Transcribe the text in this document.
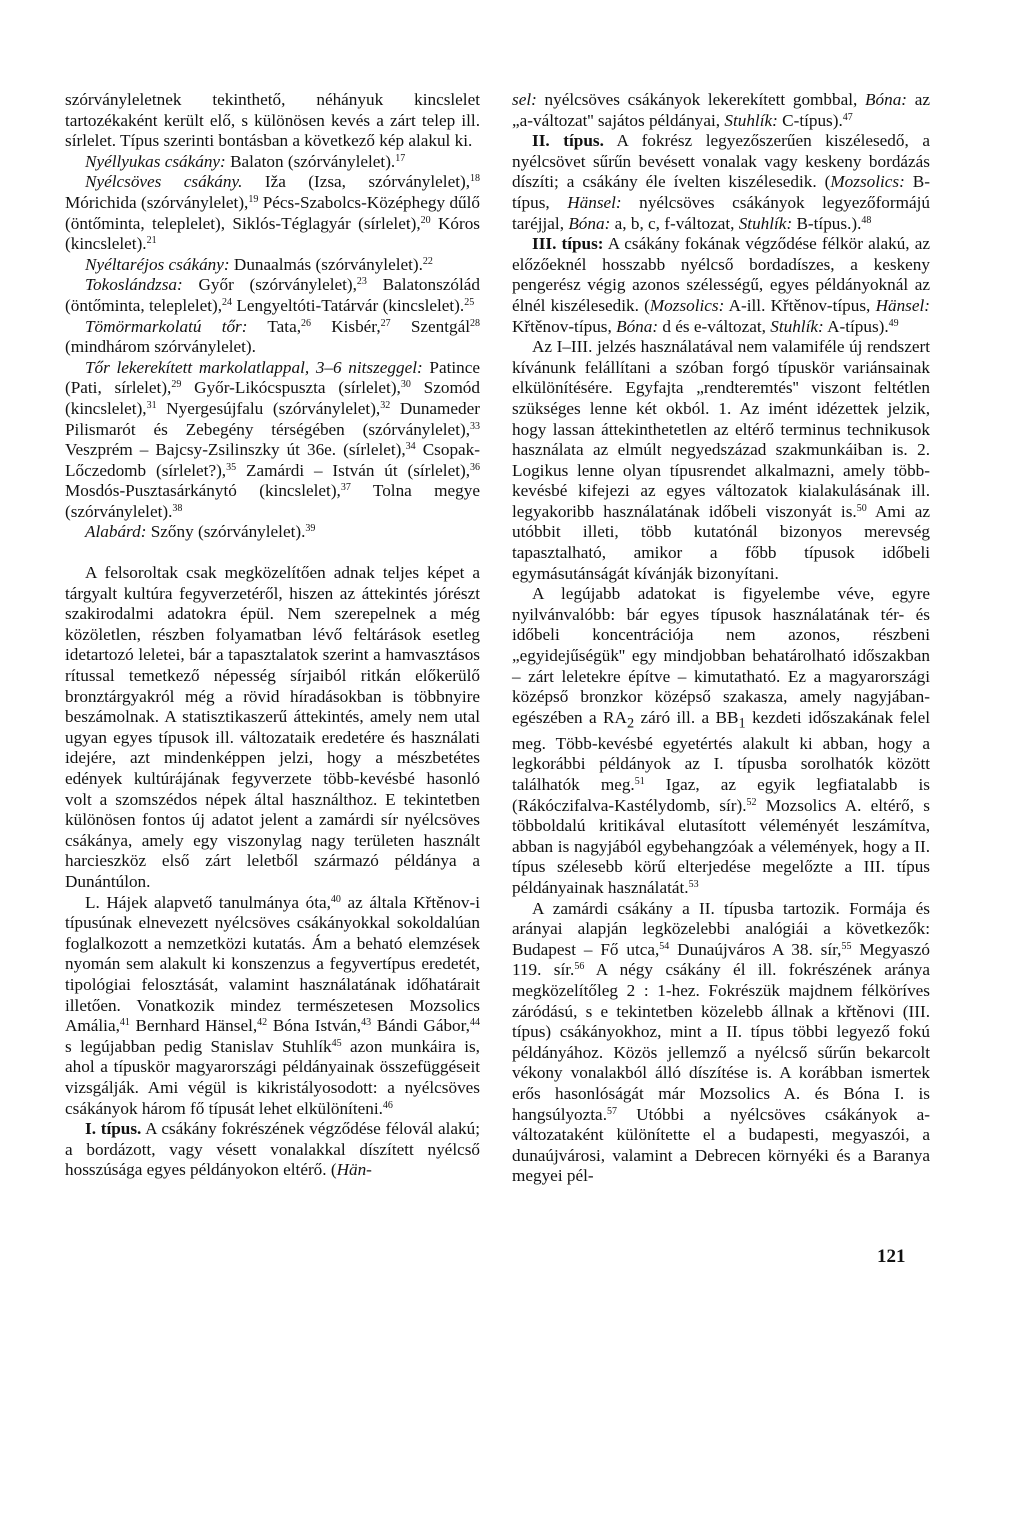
szórványleletnek tekinthető, néhányuk kincslelet tartozékaként került elő, s különösen kevés a zárt telep ill. sírlelet. Típus szerinti bontásban a következő kép alakul ki.

Nyéllyukas csákány: Balaton (szórványlelet).$^{17}$

Nyélcsöves csákány. Iža (Izsa, szórványlelet),$^{18}$ Mórichida (szórványlelet),$^{19}$ Pécs-Szabolcs-Középhegy dűlő (öntőminta, teleplelet), Siklós-Téglagyár (sírlelet),$^{20}$ Kóros (kincslelet).$^{21}$

Nyéltaréjos csákány: Dunaalmás (szórványlelet).$^{22}$

Tokoslándzsa: Győr (szórványlelet),$^{23}$ Balatonszólád (öntőminta, teleplelet),$^{24}$ Lengyeltóti-Tatárvár (kincslelet).$^{25}$

Tömörmarkolatú tőr: Tata,$^{26}$ Kisbér,$^{27}$ Szentgál$^{28}$ (mindhárom szórványlelet).

Tőr lekerekített markolatlappal, 3–6 nitszeggel: Patince (Pati, sírlelet),$^{29}$ Győr-Likócspuszta (sírlelet),$^{30}$ Szomód (kincslelet),$^{31}$ Nyergesújfalu (szórványlelet),$^{32}$ Dunameder Pilismarót és Zebegény térségében (szórványlelet),$^{33}$ Veszprém – Bajcsy-Zsilinszky út 36e. (sírlelet),$^{34}$ Csopak-Lőczedomb (sírlelet?),$^{35}$ Zamárdi – István út (sírlelet),$^{36}$ Mosdós-Pusztasárkánytó (kincslelet),$^{37}$ Tolna megye (szórványlelet).$^{38}$

Alabárd: Szőny (szórványlelet).$^{39}$

A felsoroltak csak megközelítően adnak teljes képet a tárgyalt kultúra fegyverzetéről, hiszen az áttekintés jórészt szakirodalmi adatokra épül. Nem szerepelnek a még közöletlen, részben folyamatban lévő feltárások esetleg idetartozó leletei, bár a tapasztalatok szerint a hamvasztásos rítussal temetkező népesség sírjaiból ritkán előkerülő bronztárgyakról még a rövid híradásokban is többnyire beszámolnak. A statisztikaszerű áttekintés, amely nem utal ugyan egyes típusok ill. változataik eredetére és használati idejére, azt mindenképpen jelzi, hogy a mészbetétes edények kultúrájának fegyverzete több-kevésbé hasonló volt a szomszédos népek által használthoz. E tekintetben különösen fontos új adatot jelent a zamárdi sír nyélcsöves csákánya, amely egy viszonylag nagy területen használt harcieszköz első zárt leletből származó példánya a Dunántúlon.

L. Hájek alapvető tanulmánya óta,$^{40}$ az általa Křtěnov-i típusúnak elnevezett nyélcsöves csákányokkal sokoldalúan foglalkozott a nemzetközi kutatás. Ám a beható elemzések nyomán sem alakult ki konszenzus a fegyvertípus eredetét, tipológiai felosztását, valamint használatának időhatárait illetően. Vonatkozik mindez természetesen Mozsolics Amália,$^{41}$ Bernhard Hänsel,$^{42}$ Bóna István,$^{43}$ Bándi Gábor,$^{44}$ s legújabban pedig Stanislav Stuhlík$^{45}$ azon munkáira is, ahol a típuskör magyarországi példányainak összefüggéseit vizsgálják. Ami végül is kikristályosodott: a nyélcsöves csákányok három fő típusát lehet elkülöníteni.$^{46}$

I. típus. A csákány fokrészének végződése félovál alakú; a bordázott, vagy vésett vonalakkal díszített nyélcső hosszúsága egyes példányokon eltérő. (Hän-

sel: nyélcsöves csákányok lekerekített gombbal, Bóna: az „a-változat'' sajátos példányai, Stuhlík: C-típus).$^{47}$

II. típus. A fokrész legyezőszerűen kiszélesedő, a nyélcsövet sűrűn bevésett vonalak vagy keskeny bordázás díszíti; a csákány éle ívelten kiszélesedik. (Mozsolics: B-típus, Hänsel: nyélcsöves csákányok legyezőformájú taréjjal, Bóna: a, b, c, f-változat, Stuhlík: B-típus.).$^{48}$

III. típus: A csákány fokának végződése félkör alakú, az előzőeknél hosszabb nyélcső bordadíszes, a keskeny pengerész végig azonos szélességű, egyes példányoknál az élnél kiszélesedik. (Mozsolics: A-ill. Křtěnov-típus, Hänsel: Křtěnov-típus, Bóna: d és e-változat, Stuhlík: A-típus).$^{49}$

Az I–III. jelzés használatával nem valamiféle új rendszert kívánunk felállítani a szóban forgó típuskör variánsainak elkülönítésére. Egyfajta „rendteremtés'' viszont feltétlen szükséges lenne két okból. 1. Az imént idézettek jelzik, hogy lassan áttekinthetetlen az eltérő terminus technikusok használata az elmúlt negyedszázad szakmunkáiban is. 2. Logikus lenne olyan típusrendet alkalmazni, amely több-kevésbé kifejezi az egyes változatok kialakulásának ill. legyakoribb használatának időbeli viszonyát is.$^{50}$ Ami az utóbbit illeti, több kutatónál bizonyos merevség tapasztalható, amikor a főbb típusok időbeli egymásutánságát kívánják bizonyítani.

A legújabb adatokat is figyelembe véve, egyre nyilvánvalóbb: bár egyes típusok használatának tér- és időbeli koncentrációja nem azonos, részbeni „egyidejűségük'' egy mindjobban behatárolható időszakban – zárt leletekre építve – kimutatható. Ez a magyarországi középső bronzkor középső szakasza, amely nagyjában-egészében a $RA_2$ záró ill. a $BB_1$ kezdeti időszakának felel meg. Több-kevésbé egyetértés alakult ki abban, hogy a legkorábbi példányok az I. típusba sorolhatók között találhatók meg.$^{51}$ Igaz, az egyik legfiatalabb is (Rákóczifalva-Kastélydomb, sír).$^{52}$ Mozsolics A. eltérő, s többoldalú kritikával elutasított véleményét leszámítva, abban is nagyjából egybehangzóak a vélemények, hogy a II. típus szélesebb körű elterjedése megelőzte a III. típus példányainak használatát.$^{53}$

A zamárdi csákány a II. típusba tartozik. Formája és arányai alapján legközelebbi analógiái a következők: Budapest – Fő utca,$^{54}$ Dunaújváros A 38. sír,$^{55}$ Megyaszó 119. sír.$^{56}$ A négy csákány él ill. fokrészének aránya megközelítőleg 2 : 1-hez. Fokrészük majdnem félköríves záródású, s e tekintetben közelebb állnak a křtěnovi (III. típus) csákányokhoz, mint a II. típus többi legyező fokú példányához. Közös jellemző a nyélcső sűrűn bekarcolt vékony vonalakból álló díszítése is. A korábban ismertek erős hasonlóságát már Mozsolics A. és Bóna I. is hangsúlyozta.$^{57}$ Utóbbi a nyélcsöves csákányok a-változataként különítette el a budapesti, megyaszói, a dunaújvárosi, valamint a Debrecen környéki és a Baranya megyei pél-

121
